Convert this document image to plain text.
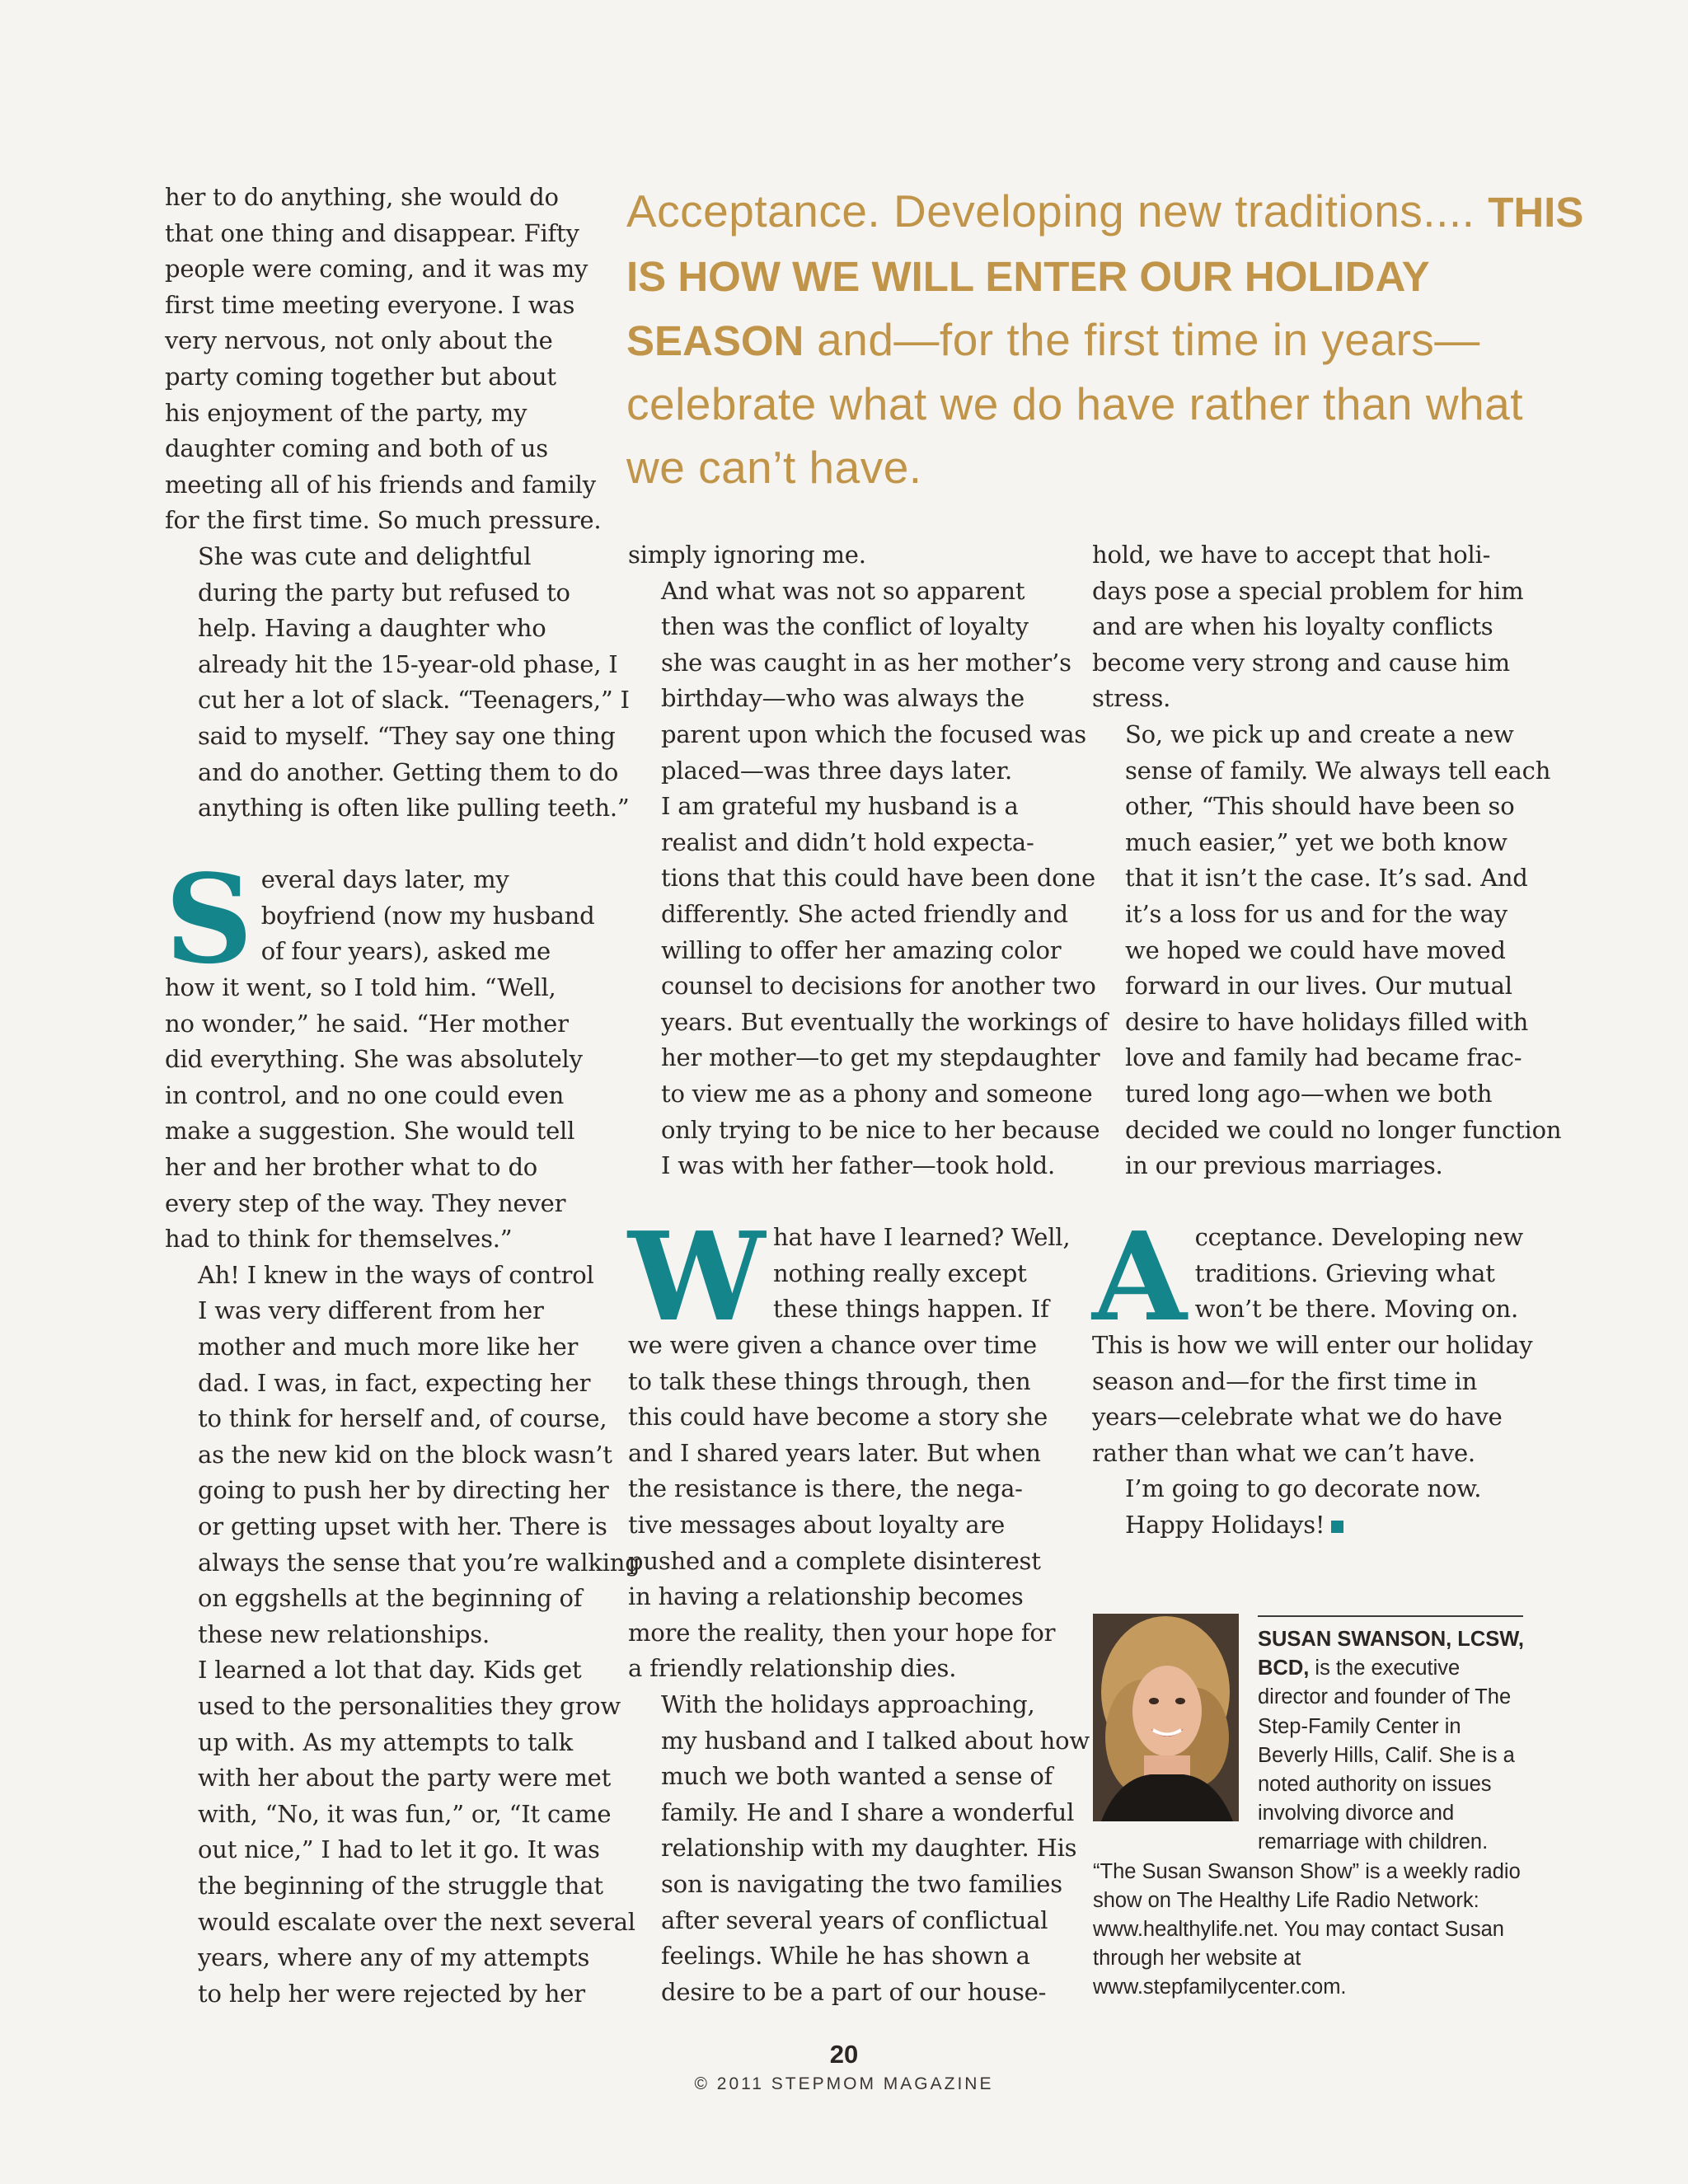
her to do anything, she would do
that one thing and disappear. Fifty
people were coming, and it was my
first time meeting everyone. I was
very nervous, not only about the
party coming together but about
his enjoyment of the party, my
daughter coming and both of us
meeting all of his friends and family
for the first time. So much pressure.

She was cute and delightful
during the party but refused to
help. Having a daughter who
already hit the 15-year-old phase, I
cut her a lot of slack. “Teenagers,” I
said to myself. “They say one thing
and do another. Getting them to do
anything is often like pulling teeth.”

S everal days later, my
boyfriend (now my husband
of four years), asked me
how it went, so I told him. “Well,
no wonder,” he said. “Her mother
did everything. She was absolutely
in control, and no one could even
make a suggestion. She would tell
her and her brother what to do
every step of the way. They never
had to think for themselves.”

Ah! I knew in the ways of control
I was very different from her
mother and much more like her
dad. I was, in fact, expecting her
to think for herself and, of course,
as the new kid on the block wasn’t
going to push her by directing her
or getting upset with her. There is
always the sense that you’re walking
on eggshells at the beginning of
these new relationships.

I learned a lot that day. Kids get
used to the personalities they grow
up with. As my attempts to talk
with her about the party were met
with, “No, it was fun,” or, “It came
out nice,” I had to let it go. It was
the beginning of the struggle that
would escalate over the next several
years, where any of my attempts
to help her were rejected by her

Acceptance. Developing new traditions.... THIS IS HOW WE WILL ENTER OUR HOLIDAY SEASON and—for the first time in years—celebrate what we do have rather than what we can’t have.

simply ignoring me.

And what was not so apparent
then was the conflict of loyalty
she was caught in as her mother’s
birthday—who was always the
parent upon which the focused was
placed—was three days later.

I am grateful my husband is a
realist and didn’t hold expecta-
tions that this could have been done
differently. She acted friendly and
willing to offer her amazing color
counsel to decisions for another two
years. But eventually the workings of
her mother—to get my stepdaughter
to view me as a phony and someone
only trying to be nice to her because
I was with her father—took hold.

W hat have I learned? Well,
nothing really except
these things happen. If
we were given a chance over time
to talk these things through, then
this could have become a story she
and I shared years later. But when
the resistance is there, the nega-
tive messages about loyalty are
pushed and a complete disinterest
in having a relationship becomes
more the reality, then your hope for
a friendly relationship dies.

With the holidays approaching,
my husband and I talked about how
much we both wanted a sense of
family. He and I share a wonderful
relationship with my daughter. His
son is navigating the two families
after several years of conflictual
feelings. While he has shown a
desire to be a part of our house-

hold, we have to accept that holi-
days pose a special problem for him
and are when his loyalty conflicts
become very strong and cause him
stress.

So, we pick up and create a new
sense of family. We always tell each
other, “This should have been so
much easier,” yet we both know
that it isn’t the case. It’s sad. And
it’s a loss for us and for the way
we hoped we could have moved
forward in our lives. Our mutual
desire to have holidays filled with
love and family had became frac-
tured long ago—when we both
decided we could no longer function
in our previous marriages.

A cceptance. Developing new
traditions. Grieving what
won’t be there. Moving on.
This is how we will enter our holiday
season and—for the first time in
years—celebrate what we do have
rather than what we can’t have.

I’m going to go decorate now.
Happy Holidays!

SUSAN SWANSON, LCSW, BCD, is the executive director and founder of The Step-Family Center in Beverly Hills, Calif. She is a noted authority on issues involving divorce and remarriage with children. “The Susan Swanson Show” is a weekly radio show on The Healthy Life Radio Network: www.healthylife.net. You may contact Susan through her website at www.stepfamilycenter.com.
20
© 2011 STEPMOM MAGAZINE
